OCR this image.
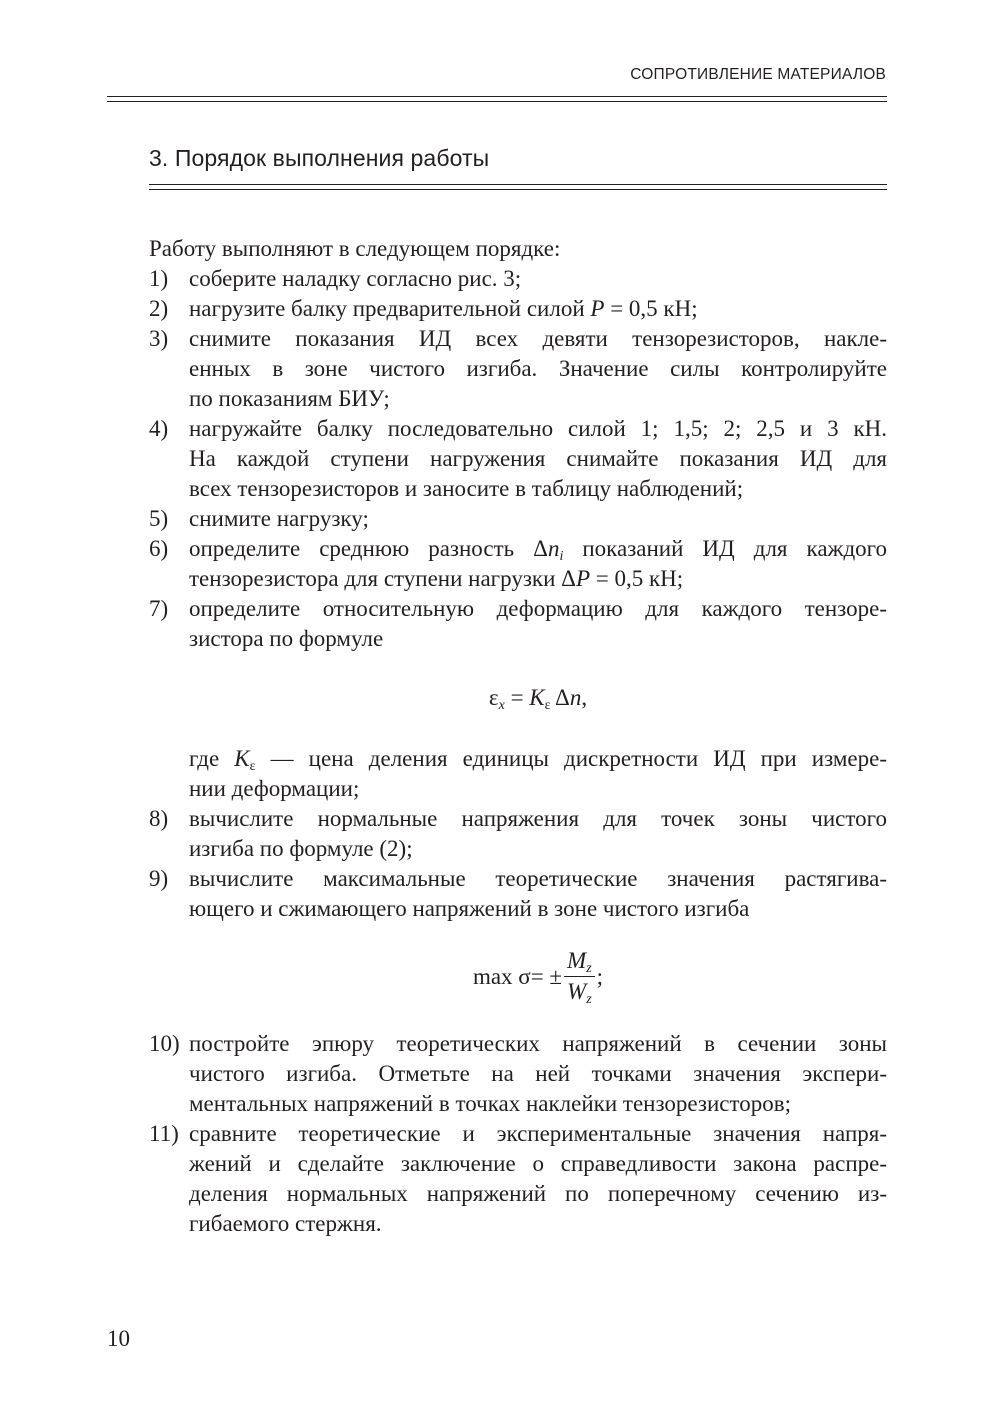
СОПРОТИВЛЕНИЕ МАТЕРИАЛОВ
3. Порядок выполнения работы
Работу выполняют в следующем порядке:
1) соберите наладку согласно рис. 3;
2) нагрузите балку предварительной силой P = 0,5 кН;
3) снимите показания ИД всех девяти тензорезисторов, накле-
енных в зоне чистого изгиба. Значение силы контролируйте
по показаниям БИУ;
4) нагружайте балку последовательно силой 1; 1,5; 2; 2,5 и 3 кН.
На каждой ступени нагружения снимайте показания ИД для
всех тензорезисторов и заносите в таблицу наблюдений;
5) снимите нагрузку;
6) определите среднюю разность $\Delta n_i$ показаний ИД для каждого
тензорезистора для ступени нагрузки ΔP = 0,5 кН;
7) определите относительную деформацию для каждого тензоре-
зистора по формуле
$\varepsilon_x = K_\varepsilon$ Δn,
где $K_\varepsilon$ — цена деления единицы дискретности ИД при измере-
нии деформации;
8) вычислите нормальные напряжения для точек зоны чистого
изгиба по формуле (2);
9) вычислите максимальные теоретические значения растягива-
ющего и сжимающего напряжений в зоне чистого изгиба
max σ = ± $\frac{M_z}{W_z}$ ;
10) постройте эпюру теоретических напряжений в сечении зоны
чистого изгиба. Отметьте на ней точками значения экспери-
ментальных напряжений в точках наклейки тензорезисторов;
11) сравните теоретические и экспериментальные значения напря-
жений и сделайте заключение о справедливости закона распре-
деления нормальных напряжений по поперечному сечению из-
гибаемого стержня.
10
